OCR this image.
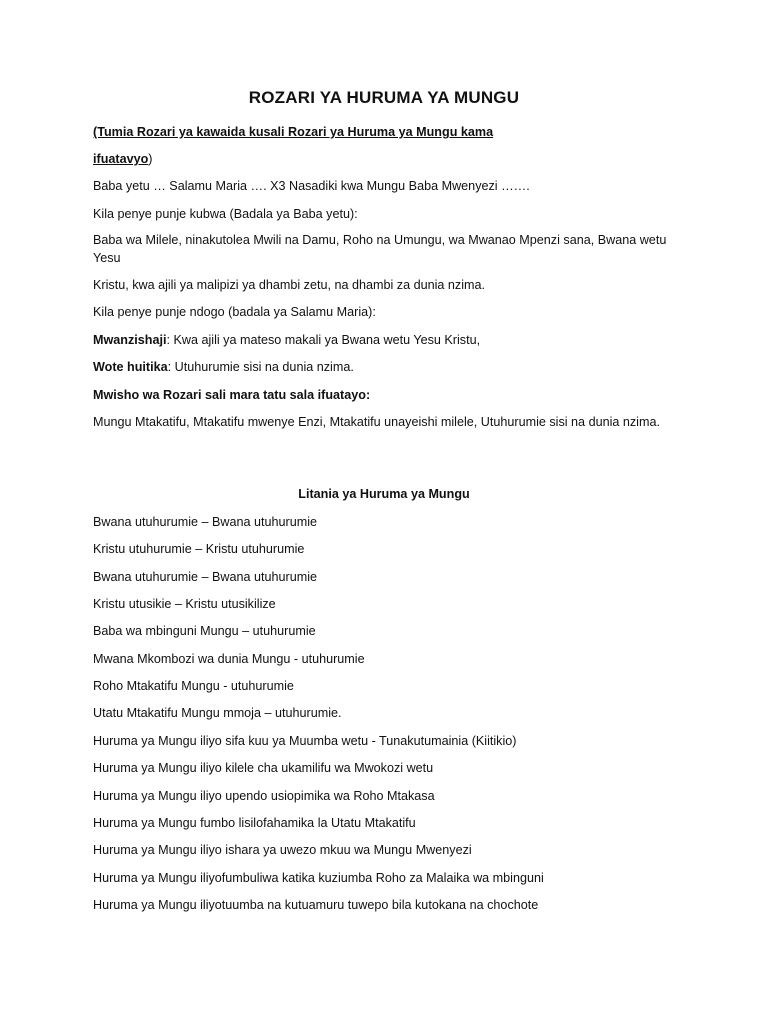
ROZARI YA HURUMA YA MUNGU
(Tumia Rozari ya kawaida kusali Rozari ya Huruma ya Mungu kama
ifuatavyo)
Baba yetu … Salamu Maria …. X3 Nasadiki kwa Mungu Baba Mwenyezi …….
Kila penye punje kubwa (Badala ya Baba yetu):
Baba wa Milele, ninakutolea Mwili na Damu, Roho na Umungu, wa Mwanao Mpenzi sana, Bwana wetu Yesu
Kristu, kwa ajili ya malipizi ya dhambi zetu, na dhambi za dunia nzima.
Kila penye punje ndogo (badala ya Salamu Maria):
Mwanzishaji: Kwa ajili ya mateso makali ya Bwana wetu Yesu Kristu,
Wote huitika: Utuhurumie sisi na dunia nzima.
Mwisho wa Rozari sali mara tatu sala ifuatayo:
Mungu Mtakatifu, Mtakatifu mwenye Enzi, Mtakatifu unayeishi milele, Utuhurumie sisi na dunia nzima.
Litania ya Huruma ya Mungu
Bwana utuhurumie – Bwana utuhurumie
Kristu utuhurumie – Kristu utuhurumie
Bwana utuhurumie – Bwana utuhurumie
Kristu utusikie – Kristu utusikilize
Baba wa mbinguni Mungu – utuhurumie
Mwana Mkombozi wa dunia Mungu - utuhurumie
Roho Mtakatifu Mungu - utuhurumie
Utatu Mtakatifu Mungu mmoja – utuhurumie.
Huruma ya Mungu iliyo sifa kuu ya Muumba wetu - Tunakutumainia (Kiitikio)
Huruma ya Mungu iliyo kilele cha ukamilifu wa Mwokozi wetu
Huruma ya Mungu iliyo upendo usiopimika wa Roho Mtakasa
Huruma ya Mungu fumbo lisilofahamika la Utatu Mtakatifu
Huruma ya Mungu iliyo ishara ya uwezo mkuu wa Mungu Mwenyezi
Huruma ya Mungu iliyofumbuliwa katika kuziumba Roho za Malaika wa mbinguni
Huruma ya Mungu iliyotuumba na kutuamuru tuwepo bila kutokana na chochote
